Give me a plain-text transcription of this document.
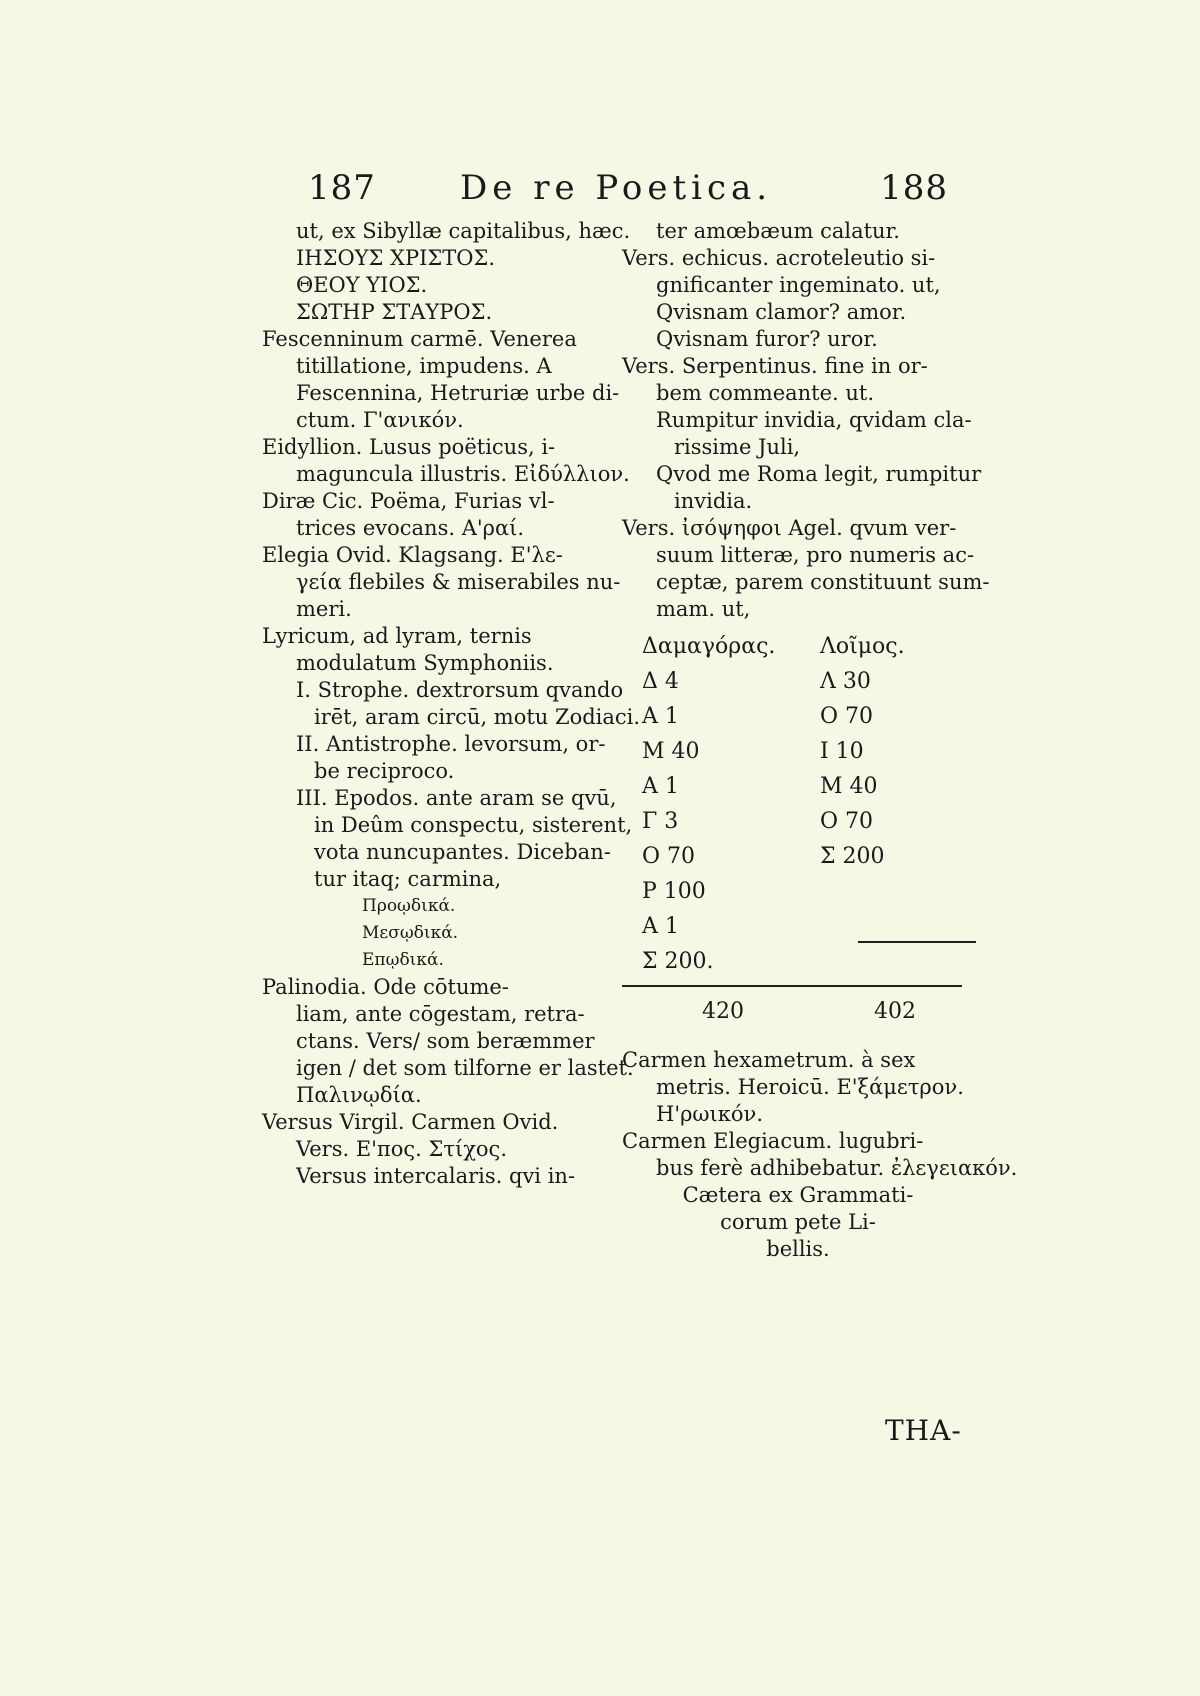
187 De re Poetica.	188
ut, ex Sibyllæ capitalibus, hæc.
ΙΗΣΟΥΣ ΧΡΙΣΤΟΣ.
ΘΕΟΥ ΥΙΟΣ.
ΣΩΤΗΡ ΣΤΑΥΡΟΣ.
Fescenninum carmē. Venerea
titillatione, impudens. A
Fescennina, Hetruriæ urbe di-
ctum. Γ'ανικόν.
Eidyllion. Lusus poëticus, i-
maguncula illustris. Εἰδύλλιον.
Diræ Cic. Poëma, Furias vl-
trices evocans. A'ραί.
Elegia Ovid. Klagsang. E'λε-
γεία flebiles & miserabiles nu-
meri.
Lyricum, ad lyram, ternis
modulatum Symphoniis.
I. Strophe. dextrorsum qvando
irēt, aram circū, motu Zodiaci.
II. Antistrophe. levorsum, or-
be reciproco.
III. Epodos. ante aram se qvū,
in Deûm conspectu, sisterent,
vota nuncupantes. Diceban-
tur itaq; carmina,
Προῳδικά.
Μεσῳδικά.
Επῳδικά.
Palinodia. Ode cōtume-
liam, ante cōgestam, retra-
ctans. Vers/ som beræmmer
igen / det som tilforne er lastet.
Παλινῳδία.
Versus Virgil. Carmen Ovid.
Vers. E'πος. Στίχος.
Versus intercalaris. qvi in-
ter amœbæum calatur.
Vers. echicus. acroteleutio si-
gnificanter ingeminato. ut,
Qvisnam clamor? amor.
Qvisnam furor? uror.
Vers. Serpentinus. fine in or-
bem commeante. ut.
Rumpitur invidia, qvidam cla-
rissime Juli,
Qvod me Roma legit, rumpitur
invidia.
Vers. ἰσόψηφοι Agel. qvum ver-
suum litteræ, pro numeris ac-
ceptæ, parem constituunt sum-
mam. ut,
Δαμαγόρας. Λοῖμος.
Δ 4	Λ 30
Α 1	Ο 70
Μ 40	Ι 10
Α 1	Μ 40
Γ 3	Ο 70
Ο 70	Σ 200
Ρ 100
Α 1
Σ 200.
420	402
Carmen hexametrum. à sex
metris. Heroicū. E'ξάμετρον.
H'ρωικόν.
Carmen Elegiacum. lugubri-
bus ferè adhibebatur. ἐλεγειακόν.
Cætera ex Grammati-
corum pete Li-
bellis.
THA-
